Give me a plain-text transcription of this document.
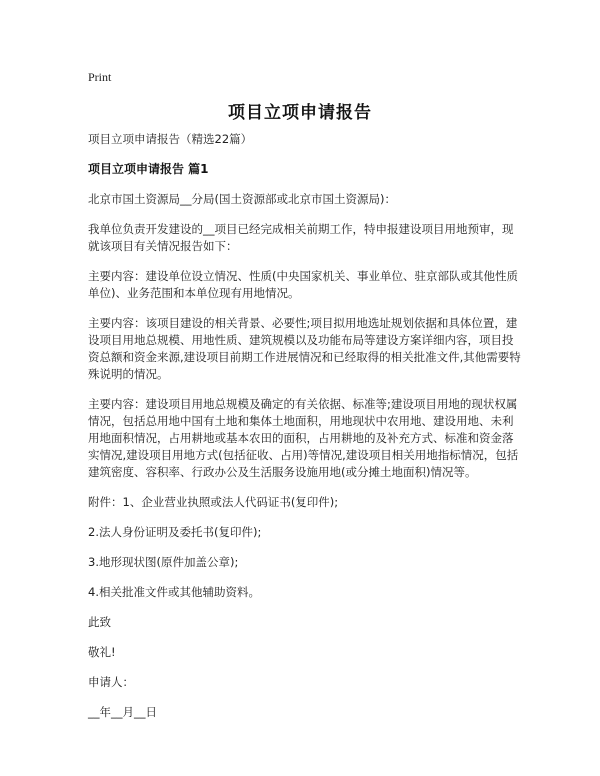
Print
项目立项申请报告

项目立项申请报告（精选22篇）

项目立项申请报告 篇1

北京市国土资源局__分局(国土资源部或北京市国土资源局)：

我单位负责开发建设的__项目已经完成相关前期工作，特申报建设项目用地预审，现就该项目有关情况报告如下：

主要内容：建设单位设立情况、性质(中央国家机关、事业单位、驻京部队或其他性质单位)、业务范围和本单位现有用地情况。

主要内容：该项目建设的相关背景、必要性;项目拟用地选址规划依据和具体位置，建设项目用地总规模、用地性质、建筑规模以及功能布局等建设方案详细内容，项目投资总额和资金来源,建设项目前期工作进展情况和已经取得的相关批准文件,其他需要特殊说明的情况。

主要内容：建设项目用地总规模及确定的有关依据、标准等;建设项目用地的现状权属情况，包括总用地中国有土地和集体土地面积，用地现状中农用地、建设用地、未利用地面积情况，占用耕地或基本农田的面积，占用耕地的及补充方式、标准和资金落实情况,建设项目用地方式(包括征收、占用)等情况,建设项目相关用地指标情况，包括建筑密度、容积率、行政办公及生活服务设施用地(或分摊土地面积)情况等。

附件：1、企业营业执照或法人代码证书(复印件);

2.法人身份证明及委托书(复印件);

3.地形现状图(原件加盖公章);

4.相关批准文件或其他辅助资料。

此致

敬礼!

申请人：

__年__月__日
